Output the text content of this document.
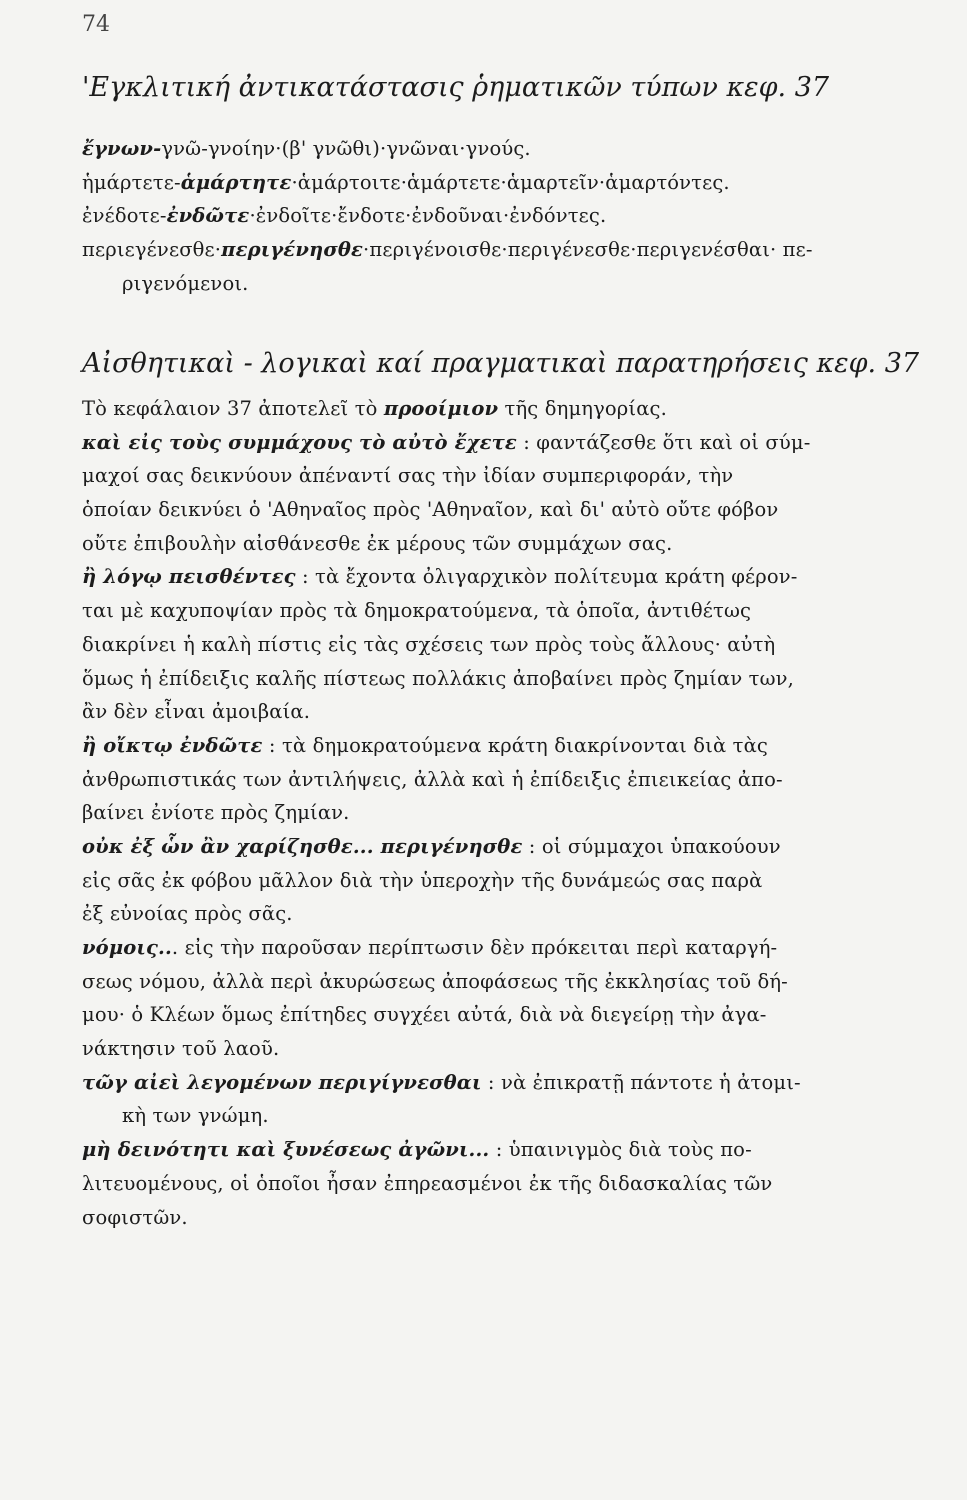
74
'Εγκλιτική ἀντικατάστασις ῥηματικῶν τύπων κεφ. 37
ἔγνων-γνῶ-γνοίην·(β' γνῶθι)·γνῶναι·γνούς.
ἡμάρτετε-ἁμάρτητε·ἁμάρτοιτε·ἁμάρτετε·ἁμαρτεῖν·ἁμαρτόντες.
ἐνέδοτε-ἐνδῶτε·ἐνδοῖτε·ἔνδοτε·ἐνδοῦναι·ἐνδόντες.
περιεγένεσθε·περιγένησθε·περιγένοισθε·περιγένεσθε·περιγενέσθαι· πε-
ριγενόμενοι.
Αἰσθητικαὶ - λογικαὶ καί πραγματικαὶ παρατηρήσεις κεφ. 37
Τὸ κεφάλαιον 37 ἀποτελεῖ τὸ προοίμιον τῆς δημηγορίας.
καὶ εἰς τοὺς συμμάχους τὸ αὐτὸ ἔχετε : φαντάζεσθε ὅτι καὶ οἱ σύμ-
μαχοί σας δεικνύουν ἀπέναντί σας τὴν ἰδίαν συμπεριφοράν, τὴν
ὁποίαν δεικνύει ὁ 'Αθηναῖος πρὸς 'Αθηναῖον, καὶ δι' αὐτὸ οὔτε φόβον
οὔτε ἐπιβουλὴν αἰσθάνεσθε ἐκ μέρους τῶν συμμάχων σας.
ἢ λόγῳ πεισθέντες : τὰ ἔχοντα ὀλιγαρχικὸν πολίτευμα κράτη φέρον-
ται μὲ καχυποψίαν πρὸς τὰ δημοκρατούμενα, τὰ ὁποῖα, ἀντιθέτως
διακρίνει ἡ καλὴ πίστις εἰς τὰς σχέσεις των πρὸς τοὺς ἄλλους· αὐτὴ
ὅμως ἡ ἐπίδειξις καλῆς πίστεως πολλάκις ἀποβαίνει πρὸς ζημίαν των,
ἂν δὲν εἶναι ἀμοιβαία.
ἢ οἴκτῳ ἐνδῶτε : τὰ δημοκρατούμενα κράτη διακρίνονται διὰ τὰς
ἀνθρωπιστικάς των ἀντιλήψεις, ἀλλὰ καὶ ἡ ἐπίδειξις ἐπιεικείας ἀπο-
βαίνει ἐνίοτε πρὸς ζημίαν.
οὐκ ἐξ ὧν ἂν χαρίζησθε... περιγένησθε : οἱ σύμμαχοι ὑπακούουν
εἰς σᾶς ἐκ φόβου μᾶλλον διὰ τὴν ὑπεροχὴν τῆς δυνάμεώς σας παρὰ
ἐξ εὐνοίας πρὸς σᾶς.
νόμοις... εἰς τὴν παροῦσαν περίπτωσιν δὲν πρόκειται περὶ καταργή-
σεως νόμου, ἀλλὰ περὶ ἀκυρώσεως ἀποφάσεως τῆς ἐκκλησίας τοῦ δή-
μου· ὁ Κλέων ὅμως ἐπίτηδες συγχέει αὐτά, διὰ νὰ διεγείρῃ τὴν ἀγα-
νάκτησιν τοῦ λαοῦ.
τῶγ αἰεὶ λεγομένων περιγίγνεσθαι : νὰ ἐπικρατῇ πάντοτε ἡ ἀτομι-
κὴ των γνώμη.
μὴ δεινότητι καὶ ξυνέσεως ἀγῶνι... : ὑπαινιγμὸς διὰ τοὺς πο-
λιτευομένους, οἱ ὁποῖοι ἦσαν ἐπηρεασμένοι ἐκ τῆς διδασκαλίας τῶν
σοφιστῶν.
